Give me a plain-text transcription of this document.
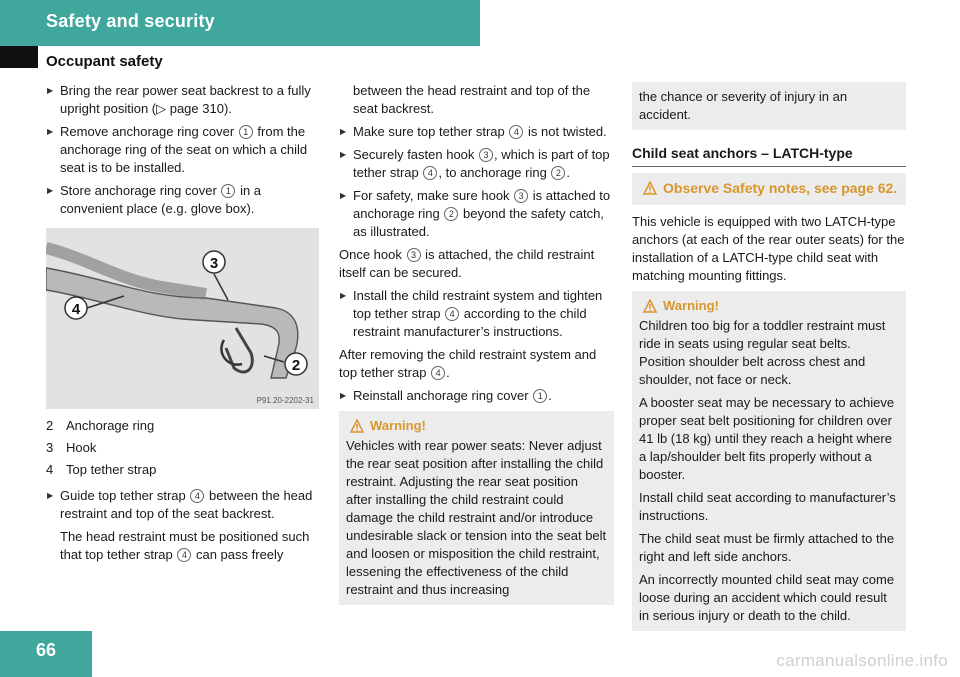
Safety and security
Occupant safety
▶ Bring the rear power seat backrest to a fully upright position (▷ page 310).
▶ Remove anchorage ring cover 1 from the anchorage ring of the seat on which a child seat is to be installed.
▶ Store anchorage ring cover 1 in a convenient place (e.g. glove box).
3
4
2
P91.20-2202-31
2 Anchorage ring
3 Hook
4 Top tether strap
▶ Guide top tether strap 4 between the head restraint and top of the seat backrest.
The head restraint must be positioned such that top tether strap 4 can pass freely
between the head restraint and top of the seat backrest.
▶ Make sure top tether strap 4 is not twisted.
▶ Securely fasten hook 3 , which is part of top tether strap 4 , to anchorage ring 2 .
▶ For safety, make sure hook 3 is attached to anchorage ring 2 beyond the safety catch, as illustrated.
Once hook 3 is attached, the child restraint itself can be secured.
▶ Install the child restraint system and tighten top tether strap 4 according to the child restraint manufacturer’s instructions.
After removing the child restraint system and top tether strap 4 .
▶ Reinstall anchorage ring cover 1 .
Warning!
Vehicles with rear power seats: Never adjust the rear seat position after installing the child restraint. Adjusting the rear seat position after installing the child restraint could damage the child restraint and/or introduce undesirable slack or tension into the seat belt and loosen or misposition the child restraint, lessening the effectiveness of the child restraint and thus increasing
the chance or severity of injury in an accident.
Child seat anchors – LATCH-type
Observe Safety notes, see page 62.
This vehicle is equipped with two LATCH-type anchors (at each of the rear outer seats) for the installation of a LATCH-type child seat with matching mounting fittings.
Warning!
Children too big for a toddler restraint must ride in seats using regular seat belts. Position shoulder belt across chest and shoulder, not face or neck.
A booster seat may be necessary to achieve proper seat belt positioning for children over 41 lb (18 kg) until they reach a height where a lap/shoulder belt fits properly without a booster.
Install child seat according to manufacturer’s instructions.
The child seat must be firmly attached to the right and left side anchors.
An incorrectly mounted child seat may come loose during an accident which could result in serious injury or death to the child.
66
carmanualsonline.info
